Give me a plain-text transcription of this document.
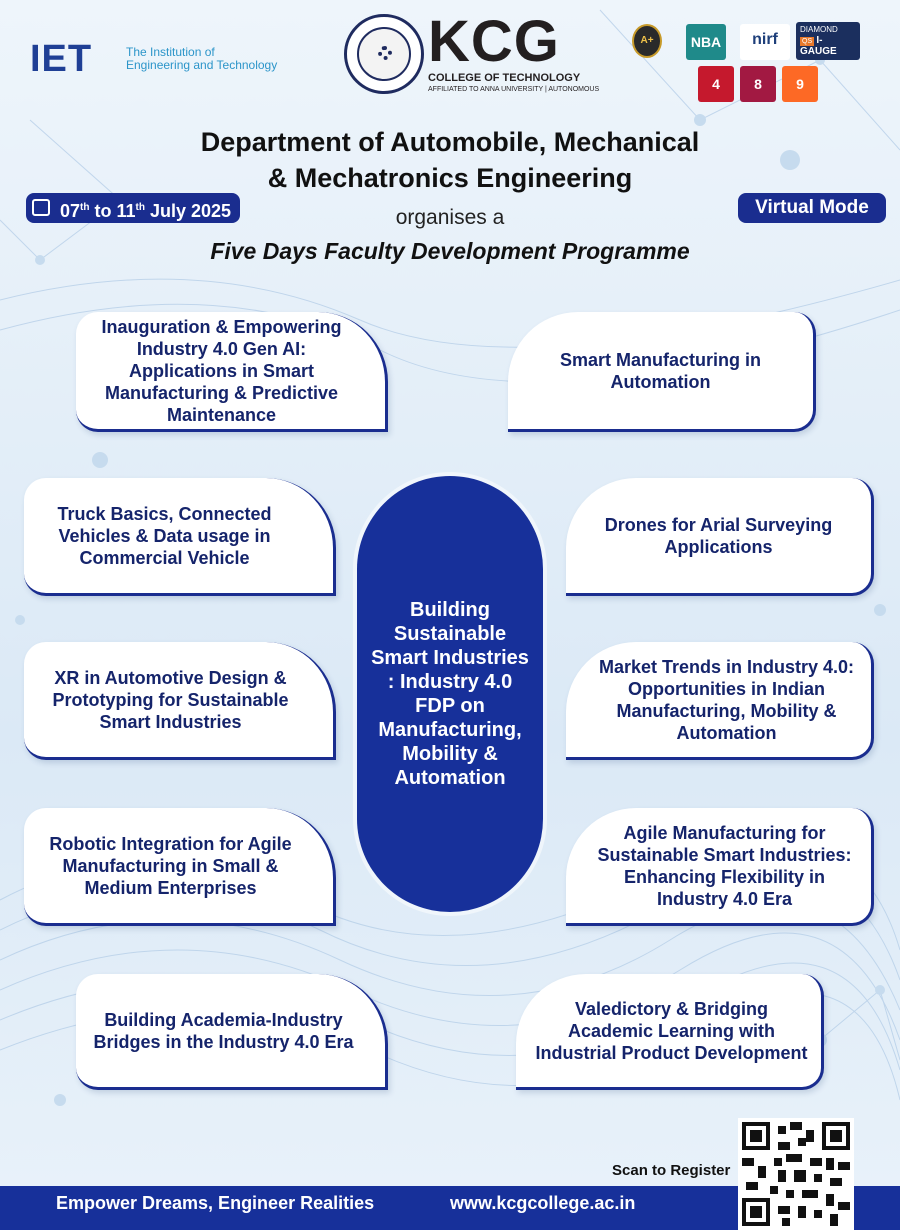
IET	The Institution of
Engineering and Technology	KCG
COLLEGE OF TECHNOLOGY
AFFILIATED TO ANNA UNIVERSITY | AUTONOMOUS
A+	NBA	nirf
DIAMOND
QS I-GAUGE
4	8	9
Department of Automobile, Mechanical
& Mechatronics Engineering
07th to 11th July 2025	Virtual Mode
organises a
Five Days Faculty Development Programme
Inauguration & Empowering Industry 4.0 Gen AI: Applications in Smart Manufacturing & Predictive Maintenance
Smart Manufacturing in Automation
Truck Basics, Connected Vehicles & Data usage in Commercial Vehicle
Drones for Arial Surveying Applications
XR in Automotive Design & Prototyping for Sustainable Smart Industries
Market Trends in Industry 4.0: Opportunities in Indian Manufacturing, Mobility & Automation
Robotic Integration for Agile Manufacturing in Small & Medium Enterprises
Agile Manufacturing for Sustainable Smart Industries: Enhancing Flexibility in Industry 4.0 Era
Building Academia-Industry Bridges in the Industry 4.0 Era
Valedictory & Bridging Academic Learning with Industrial Product Development
Building Sustainable Smart Industries : Industry 4.0 FDP on Manufacturing, Mobility & Automation
Scan to Register
Empower Dreams, Engineer Realities	www.kcgcollege.ac.in
